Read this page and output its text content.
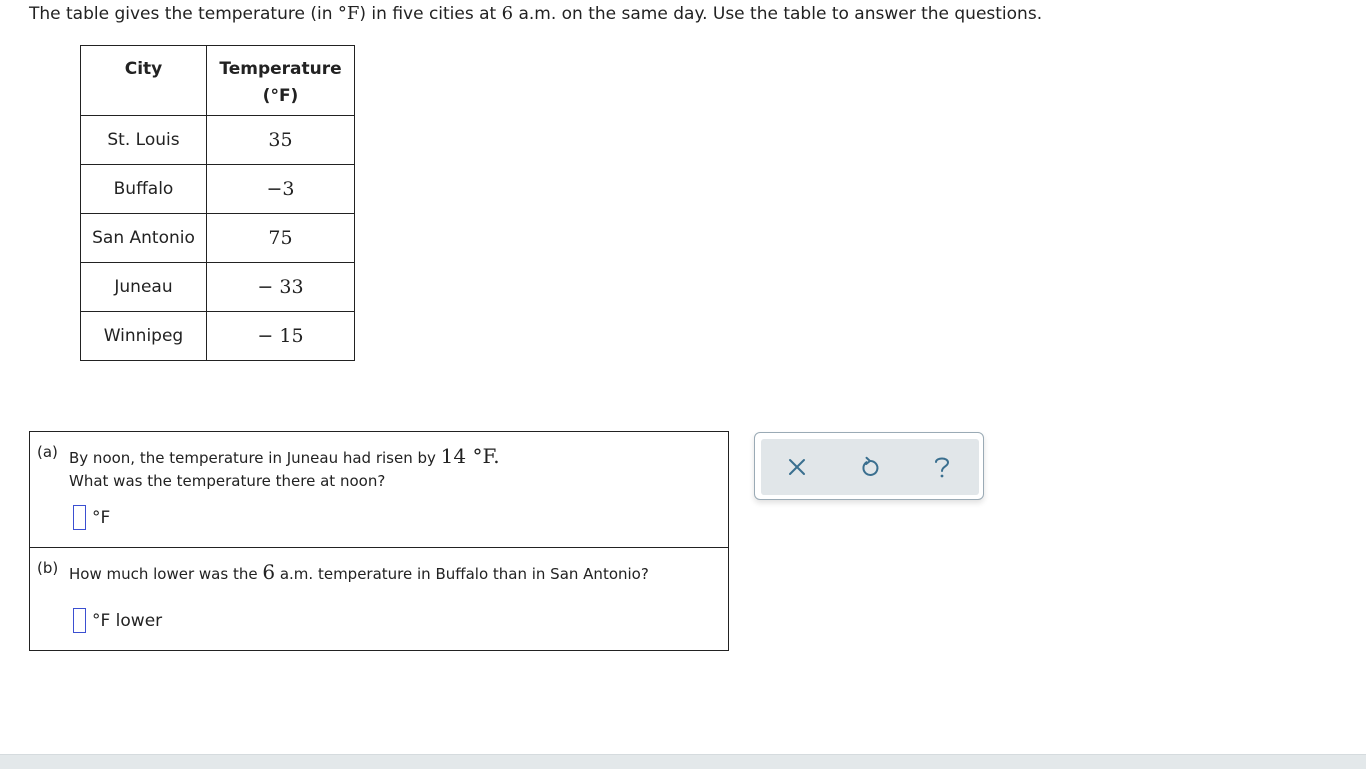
The table gives the temperature (in °F) in five cities at 6 a.m. on the same day. Use the table to answer the questions.
City	Temperature
(°F)
St. Louis	35
Buffalo	−3
San Antonio	75
Juneau	− 33
Winnipeg	− 15
(a) By noon, the temperature in Juneau had risen by 14 °F.
What was the temperature there at noon?
°F
(b) How much lower was the 6 a.m. temperature in Buffalo than in San Antonio?
°F lower
